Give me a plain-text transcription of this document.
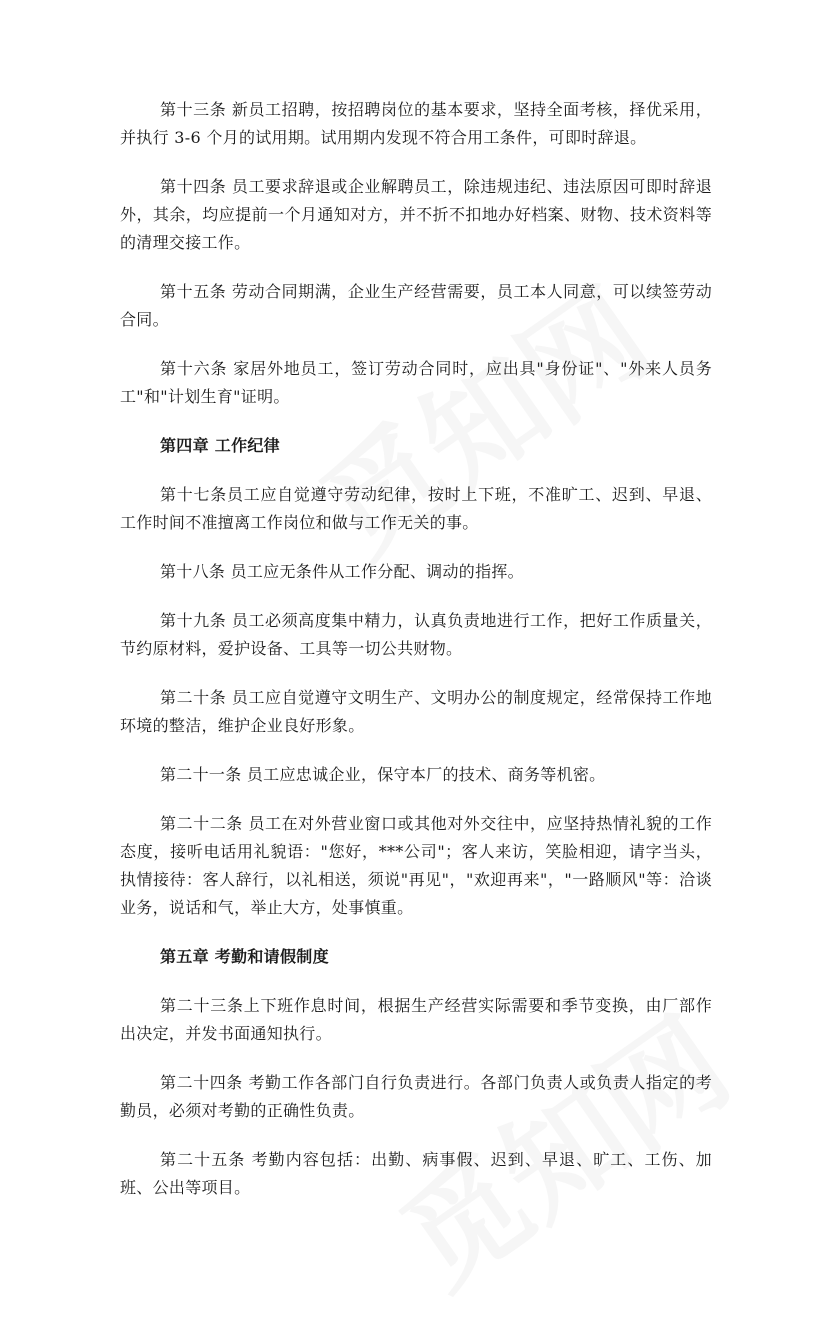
第十三条 新员工招聘，按招聘岗位的基本要求，坚持全面考核，择优采用，并执行 3-6 个月的试用期。试用期内发现不符合用工条件，可即时辞退。

第十四条 员工要求辞退或企业解聘员工，除违规违纪、违法原因可即时辞退外，其余，均应提前一个月通知对方，并不折不扣地办好档案、财物、技术资料等的清理交接工作。

第十五条 劳动合同期满，企业生产经营需要，员工本人同意，可以续签劳动合同。

第十六条 家居外地员工，签订劳动合同时，应出具"身份证"、"外来人员务工"和"计划生育"证明。

第四章 工作纪律

第十七条员工应自觉遵守劳动纪律，按时上下班，不准旷工、迟到、早退、工作时间不准擅离工作岗位和做与工作无关的事。

第十八条 员工应无条件从工作分配、调动的指挥。

第十九条 员工必须高度集中精力，认真负责地进行工作，把好工作质量关，节约原材料，爱护设备、工具等一切公共财物。

第二十条 员工应自觉遵守文明生产、文明办公的制度规定，经常保持工作地环境的整洁，维护企业良好形象。

第二十一条 员工应忠诚企业，保守本厂的技术、商务等机密。

第二十二条 员工在对外营业窗口或其他对外交往中，应坚持热情礼貌的工作态度，接听电话用礼貌语："您好，***公司"；客人来访，笑脸相迎，请字当头，执情接待：客人辞行，以礼相送，须说"再见"，"欢迎再来"，"一路顺风"等：洽谈业务，说话和气，举止大方，处事慎重。

第五章 考勤和请假制度

第二十三条上下班作息时间，根据生产经营实际需要和季节变换，由厂部作出决定，并发书面通知执行。

第二十四条 考勤工作各部门自行负责进行。各部门负责人或负责人指定的考勤员，必须对考勤的正确性负责。

第二十五条 考勤内容包括：出勤、病事假、迟到、早退、旷工、工伤、加班、公出等项目。
